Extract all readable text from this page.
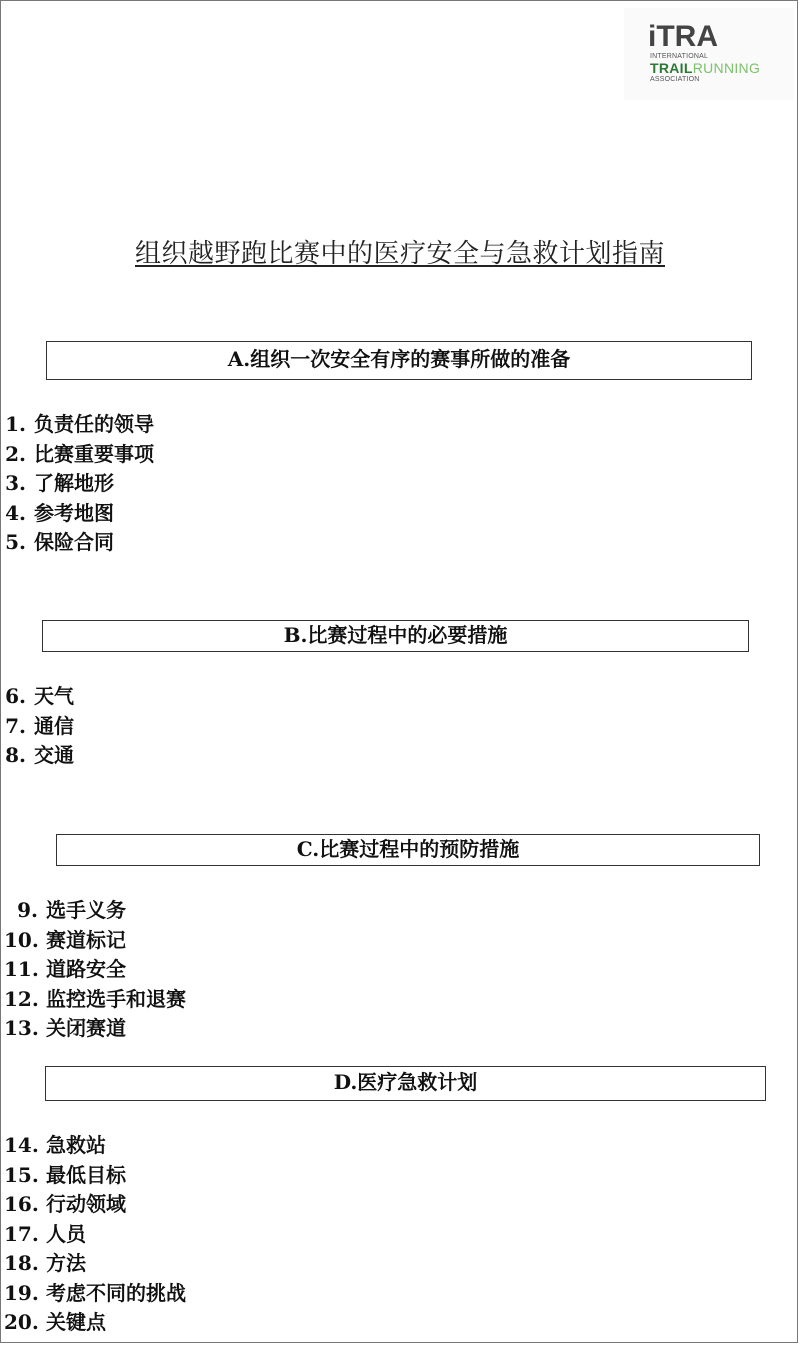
iTRA
INTERNATIONAL
TRAILRUNNING
ASSOCIATION
组织越野跑比赛中的医疗安全与急救计划指南
A.组织一次安全有序的赛事所做的准备
1. 负责任的领导
2. 比赛重要事项
3. 了解地形
4. 参考地图
5. 保险合同
B.比赛过程中的必要措施
6. 天气
7. 通信
8. 交通
C.比赛过程中的预防措施
9. 选手义务
10. 赛道标记
11. 道路安全
12. 监控选手和退赛
13. 关闭赛道
D.医疗急救计划
14. 急救站
15. 最低目标
16. 行动领域
17. 人员
18. 方法
19. 考虑不同的挑战
20. 关键点
